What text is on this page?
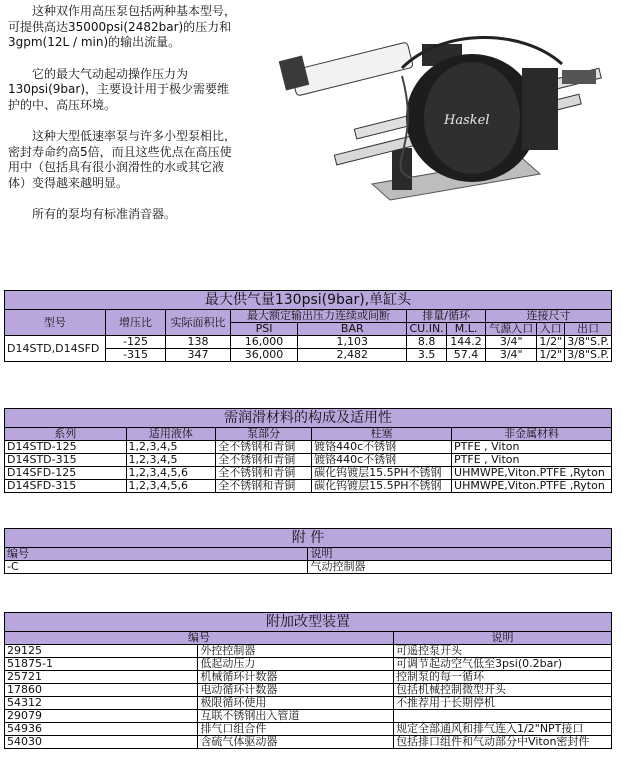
这种双作用高压泵包括两种基本型号，可提供高达35000psi(2482bar)的压力和3gpm(12L / min)的输出流量。

它的最大气动起动操作压力为130psi(9bar)，主要设计用于极少需要维护的中、高压环境。

这种大型低速率泵与许多小型泵相比，密封寿命约高5倍，而且这些优点在高压使用中（包括具有很小润滑性的水或其它液体）变得越来越明显。

所有的泵均有标准消音器。

Haskel
最大供气量130psi(9bar),单缸头									
型号	增压比	实际面积比	最大额定输出压力连续或间断		排量/循环		连接尺寸		
			PSI	BAR	CU.IN.	M.L.	气源入口	入口	出口
D14STD,D14SFD	-125	138	16,000	1,103	8.8	144.2	3/4"	1/2"	3/8"S.P.
	-315	347	36,000	2,482	3.5	57.4	3/4"	1/2"	3/8"S.P.
需润滑材料的构成及适用性				
系列	适用液体	泵部分	柱塞	非金属材料
D14STD-125	1,2,3,4,5	全不锈钢和青铜	镀铬440c不锈钢	PTFE , Viton
D14STD-315	1,2,3,4,5	全不锈钢和青铜	镀铬440c不锈钢	PTFE , Viton
D14SFD-125	1,2,3,4,5,6	全不锈钢和青铜	碳化钨镀层15.5PH不锈钢	UHMWPE,Viton.PTFE ,Ryton
D14SFD-315	1,2,3,4,5,6	全不锈钢和青铜	碳化钨镀层15.5PH不锈钢	UHMWPE,Viton.PTFE ,Ryton
附 件	
编号	说明
-C	气动控制器
附加改型装置		
编号		说明
29125	外控控制器	可遥控泵开头
51875-1	低起动压力	可调节起动空气低至3psi(0.2bar)
25721	机械循环计数器	控制泵的每一循环
17860	电动循环计数器	包括机械控制微型开头
54312	极限循环使用	不推荐用于长期停机
29079	互联不锈钢出入管道	
54936	排气口组合件	规定全部通风和排气连入1/2"NPT接口
54030	含硫气体驱动器	包括排口组件和气动部分中Viton密封件
